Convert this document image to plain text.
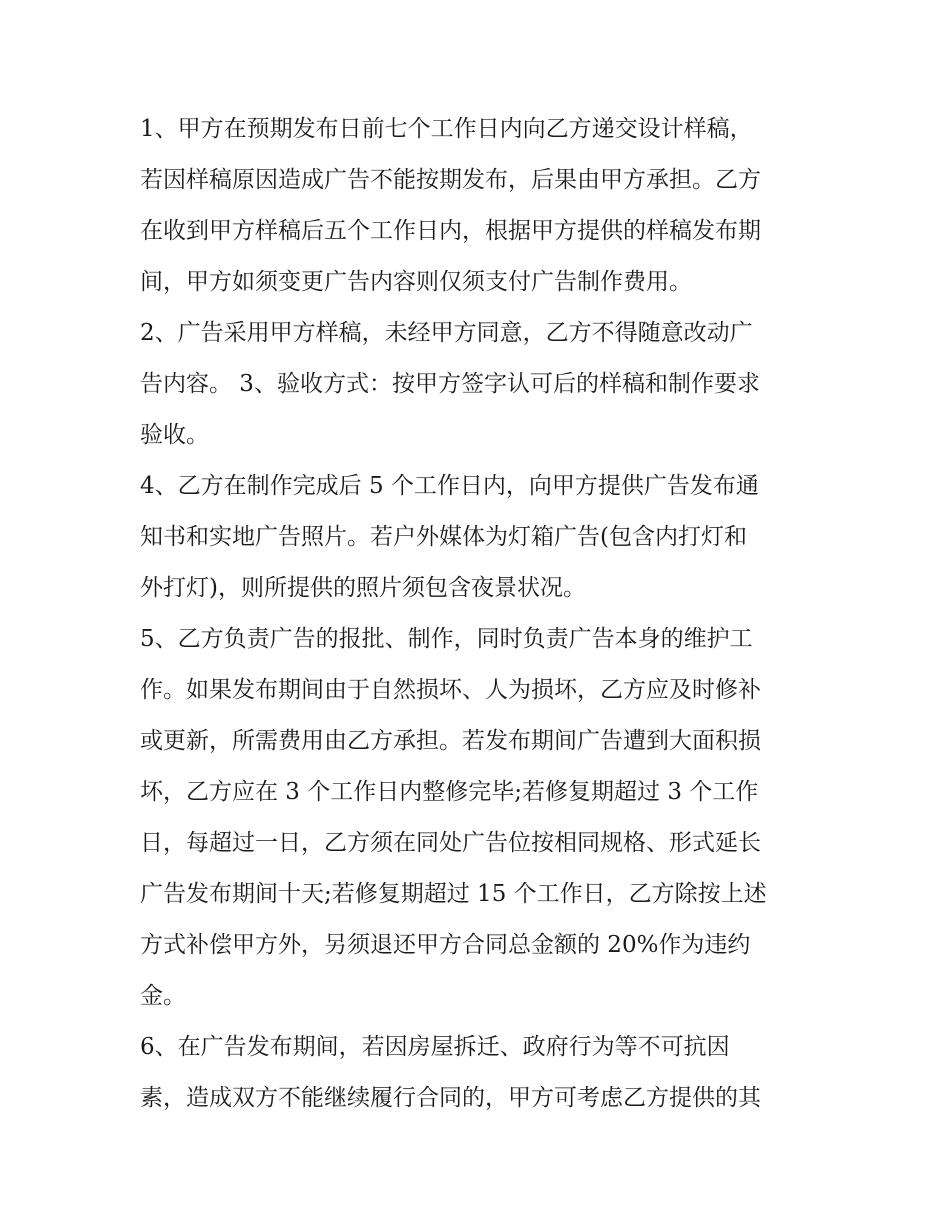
1、甲方在预期发布日前七个工作日内向乙方递交设计样稿，
若因样稿原因造成广告不能按期发布，后果由甲方承担。乙方
在收到甲方样稿后五个工作日内，根据甲方提供的样稿发布期
间，甲方如须变更广告内容则仅须支付广告制作费用。
2、广告采用甲方样稿，未经甲方同意，乙方不得随意改动广
告内容。 3、验收方式：按甲方签字认可后的样稿和制作要求
验收。
4、乙方在制作完成后 5 个工作日内，向甲方提供广告发布通
知书和实地广告照片。若户外媒体为灯箱广告(包含内打灯和
外打灯)，则所提供的照片须包含夜景状况。
5、乙方负责广告的报批、制作，同时负责广告本身的维护工
作。如果发布期间由于自然损坏、人为损坏，乙方应及时修补
或更新，所需费用由乙方承担。若发布期间广告遭到大面积损
坏，乙方应在 3 个工作日内整修完毕;若修复期超过 3 个工作
日，每超过一日，乙方须在同处广告位按相同规格、形式延长
广告发布期间十天;若修复期超过 15 个工作日，乙方除按上述
方式补偿甲方外，另须退还甲方合同总金额的 20%作为违约
金。
6、在广告发布期间，若因房屋拆迁、政府行为等不可抗因
素，造成双方不能继续履行合同的，甲方可考虑乙方提供的其
